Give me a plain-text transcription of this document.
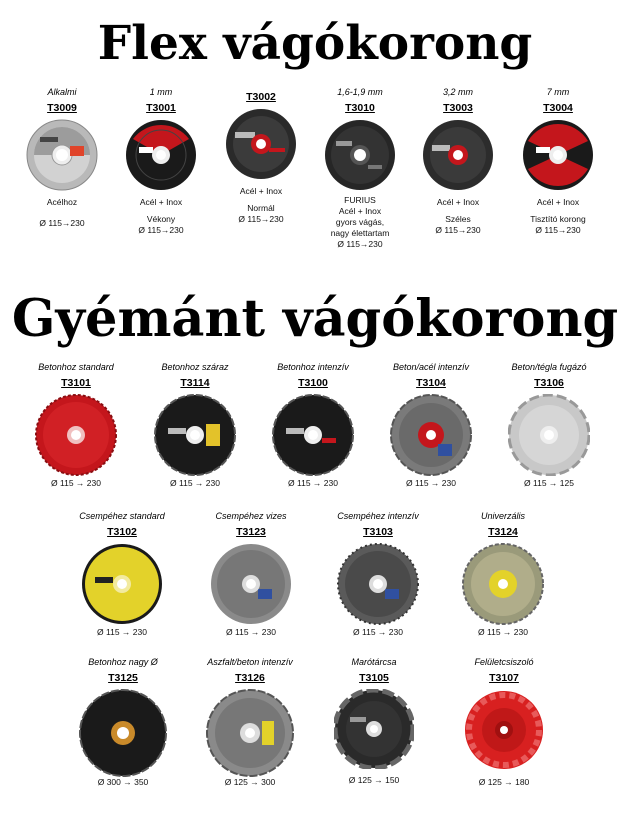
Flex vágókorong
Gyémánt vágókorong
Alkalmi
T3009
Acélhoz
Ø 115→230
1 mm
T3001
Acél + Inox
Vékony
Ø 115→230
T3002
Acél + Inox
Normál
Ø 115→230
1,6-1,9 mm
T3010
FURIUS
Acél + Inox
gyors vágás,
nagy élettartam
Ø 115→230
3,2 mm
T3003
Acél + Inox
Széles
Ø 115→230
7 mm
T3004
Acél + Inox
Tisztító korong
Ø 115→230
Betonhoz standard
T3101
Ø 115 → 230
Betonhoz száraz
T3114
Ø 115 → 230
Betonhoz intenzív
T3100
Ø 115 → 230
Beton/acél intenzív
T3104
Ø 115 → 230
Beton/tégla fugázó
T3106
Ø 115 → 125
Csempéhez standard
T3102
Ø 115 → 230
Csempéhez vizes
T3123
Ø 115 → 230
Csempéhez intenzív
T3103
Ø 115 → 230
Univerzális
T3124
Ø 115 → 230
Betonhoz nagy Ø
T3125
Ø 300 → 350
Aszfalt/beton intenzív
T3126
Ø 125 → 300
Marótárcsa
T3105
Ø 125 → 150
Felületcsiszoló
T3107
Ø 125 → 180
